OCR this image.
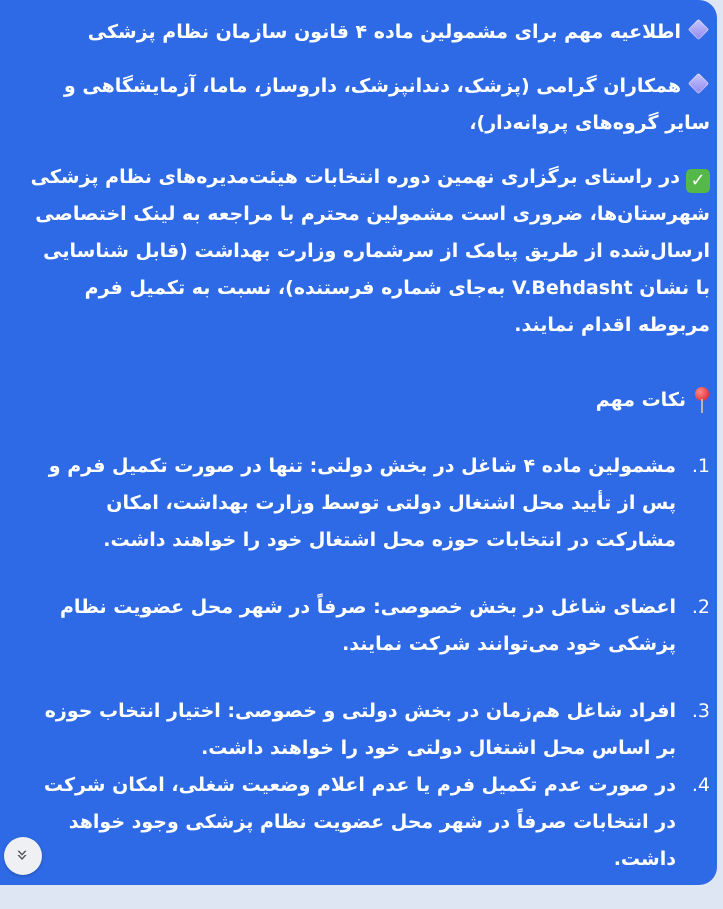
اطلاعیه مهم برای مشمولین ماده ۴ قانون سازمان نظام پزشکی

همکاران گرامی (پزشک، دندانپزشک، داروساز، ماما، آزمایشگاهی و سایر گروه‌های پروانه‌دار)،

✓در راستای برگزاری نهمین دوره انتخابات هیئت‌مدیره‌های نظام پزشکی شهرستان‌ها، ضروری است مشمولین محترم با مراجعه به لینک اختصاصی ارسال‌شده از طریق پیامک از سرشماره وزارت بهداشت (قابل شناسایی با نشان V.Behdasht به‌جای شماره فرستنده)، نسبت به تکمیل فرم مربوطه اقدام نمایند.

نکات مهم

1.
مشمولین ماده ۴ شاغل در بخش دولتی: تنها در صورت تکمیل فرم و پس از تأیید محل اشتغال دولتی توسط وزارت بهداشت، امکان مشارکت در انتخابات حوزه محل اشتغال خود را خواهند داشت.
2.
اعضای شاغل در بخش خصوصی: صرفاً در شهر محل عضویت نظام پزشکی خود می‌توانند شرکت نمایند.
3.
افراد شاغل هم‌زمان در بخش دولتی و خصوصی: اختیار انتخاب حوزه بر اساس محل اشتغال دولتی خود را خواهند داشت.
4.
در صورت عدم تکمیل فرم یا عدم اعلام وضعیت شغلی، امکان شرکت در انتخابات صرفاً در شهر محل عضویت نظام پزشکی وجود خواهد داشت.
»
